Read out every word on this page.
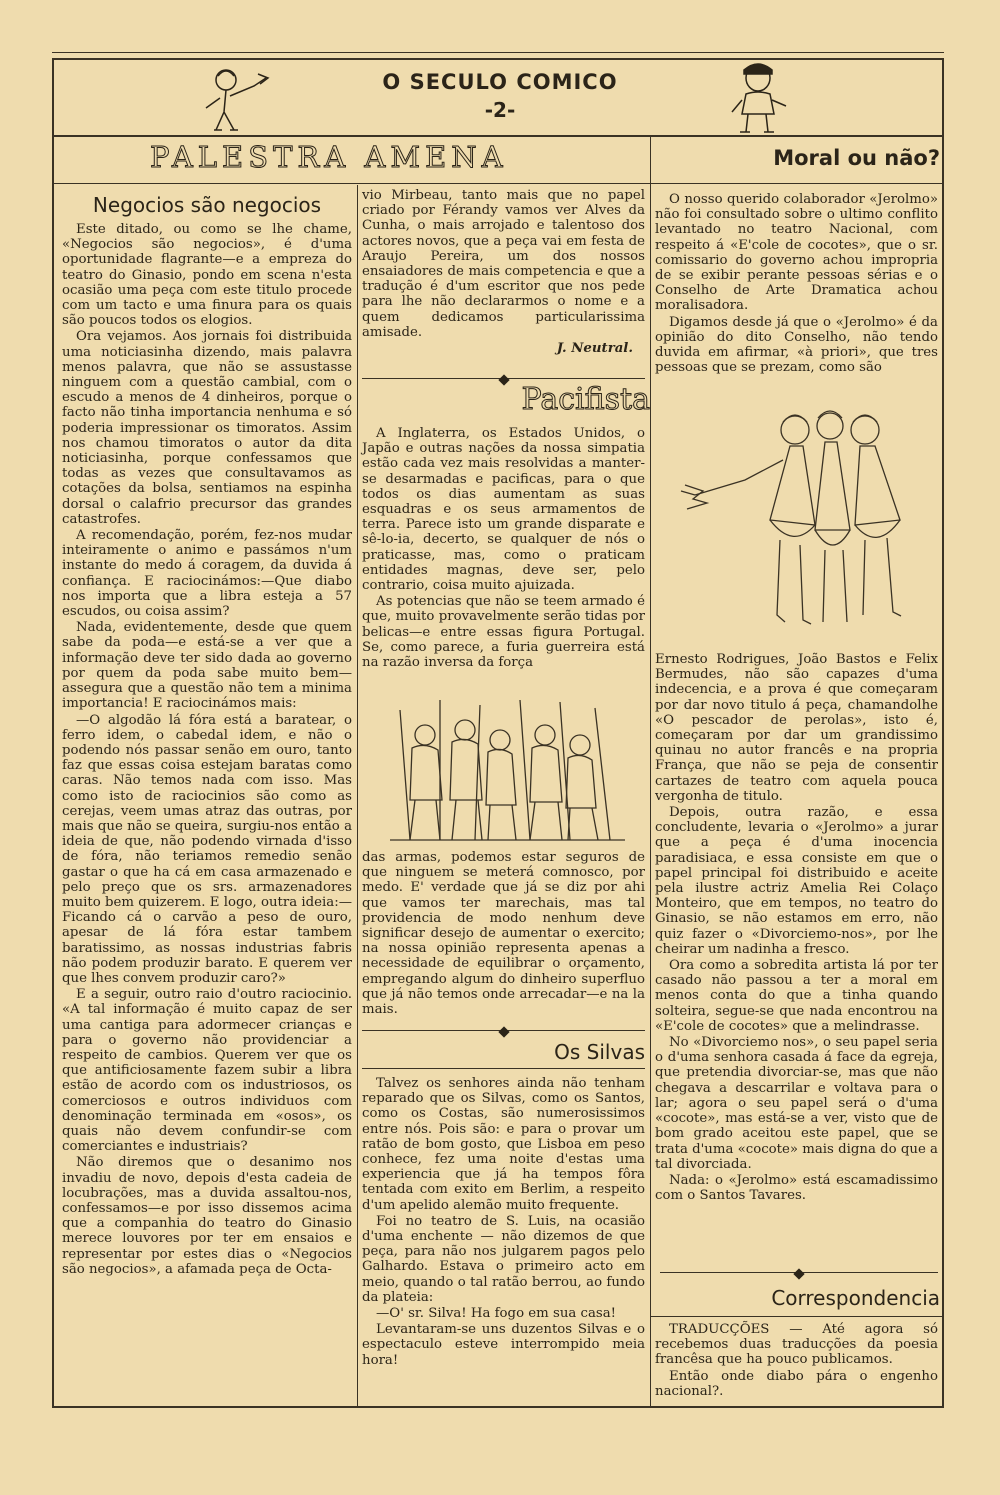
O SECULO COMICO
-2-
PALESTRA AMENA
Negocios são negocios

Este ditado, ou como se lhe chame, «Negocios são negocios», é d'uma oportunidade flagrante—e a empreza do teatro do Ginasio, pondo em scena n'esta ocasião uma peça com este titulo procede com um tacto e uma finura para os quais são poucos todos os elogios.

Ora vejamos. Aos jornais foi distribuida uma noticiasinha dizendo, mais palavra menos palavra, que não se assustasse ninguem com a questão cambial, com o escudo a menos de 4 dinheiros, porque o facto não tinha importancia nenhuma e só poderia impressionar os timoratos. Assim nos chamou timoratos o autor da dita noticiasinha, porque confessamos que todas as vezes que consultavamos as cotações da bolsa, sentiamos na espinha dorsal o calafrio precursor das grandes catastrofes.

A recomendação, porém, fez-nos mudar inteiramente o animo e passámos n'um instante do medo á coragem, da duvida á confiança. E raciocinámos:—Que diabo nos importa que a libra esteja a 57 escudos, ou coisa assim?

Nada, evidentemente, desde que quem sabe da poda—e está-se a ver que a informação deve ter sido dada ao governo por quem da poda sabe muito bem—assegura que a questão não tem a minima importancia! E raciocinámos mais:

—O algodão lá fóra está a baratear, o ferro idem, o cabedal idem, e não o podendo nós passar senão em ouro, tanto faz que essas coisa estejam baratas como caras. Não temos nada com isso. Mas como isto de raciocinios são como as cerejas, veem umas atraz das outras, por mais que não se queira, surgiu-nos então a ideia de que, não podendo virnada d'isso de fóra, não teriamos remedio senão gastar o que ha cá em casa armazenado e pelo preço que os srs. armazenadores muito bem quizerem. E logo, outra ideia:—Ficando cá o carvão a peso de ouro, apesar de lá fóra estar tambem baratissimo, as nossas industrias fabris não podem produzir barato. E querem ver que lhes convem produzir caro?»

E a seguir, outro raio d'outro raciocinio. «A tal informação é muito capaz de ser uma cantiga para adormecer crianças e para o governo não providenciar a respeito de cambios. Querem ver que os que antificiosamente fazem subir a libra estão de acordo com os industriosos, os comerciosos e outros individuos com denominação terminada em «osos», os quais não devem confundir-se com comerciantes e industriais?

Não diremos que o desanimo nos invadiu de novo, depois d'esta cadeia de locubrações, mas a duvida assaltou-nos, confessamos—e por isso dissemos acima que a companhia do teatro do Ginasio merece louvores por ter em ensaios e representar por estes dias o «Negocios são negocios», a afamada peça de Octa-

vio Mirbeau, tanto mais que no papel criado por Férandy vamos ver Alves da Cunha, o mais arrojado e talentoso dos actores novos, que a peça vai em festa de Araujo Pereira, um dos nossos ensaiadores de mais competencia e que a tradução é d'um escritor que nos pede para lhe não declararmos o nome e a quem dedicamos particularissima amisade.

J. Neutral.

Pacifista

A Inglaterra, os Estados Unidos, o Japão e outras nações da nossa simpatia estão cada vez mais resolvidas a manter-se desarmadas e pacificas, para o que todos os dias aumentam as suas esquadras e os seus armamentos de terra. Parece isto um grande disparate e sê-lo-ia, decerto, se qualquer de nós o praticasse, mas, como o praticam entidades magnas, deve ser, pelo contrario, coisa muito ajuizada.

As potencias que não se teem armado é que, muito provavelmente serão tidas por belicas—e entre essas figura Portugal. Se, como parece, a furia guerreira está na razão inversa da força

das armas, podemos estar seguros de que ninguem se meterá comnosco, por medo. E' verdade que já se diz por ahi que vamos ter marechais, mas tal providencia de modo nenhum deve significar desejo de aumentar o exercito; na nossa opinião representa apenas a necessidade de equilibrar o orçamento, empregando algum do dinheiro superfluo que já não temos onde arrecadar—e na la mais.

Os Silvas

Talvez os senhores ainda não tenham reparado que os Silvas, como os Santos, como os Costas, são numerosissimos entre nós. Pois são: e para o provar um ratão de bom gosto, que Lisboa em peso conhece, fez uma noite d'estas uma experiencia que já ha tempos fôra tentada com exito em Berlim, a respeito d'um apelido alemão muito frequente.

Foi no teatro de S. Luis, na ocasião d'uma enchente — não dizemos de que peça, para não nos julgarem pagos pelo Galhardo. Estava o primeiro acto em meio, quando o tal ratão berrou, ao fundo da plateia:

—O' sr. Silva! Ha fogo em sua casa!

Levantaram-se uns duzentos Silvas e o espectaculo esteve interrompido meia hora!

Moral ou não?

O nosso querido colaborador «Jerolmo» não foi consultado sobre o ultimo conflito levantado no teatro Nacional, com respeito á «E'cole de cocotes», que o sr. comissario do governo achou impropria de se exibir perante pessoas sérias e o Conselho de Arte Dramatica achou moralisadora.

Digamos desde já que o «Jerolmo» é da opinião do dito Conselho, não tendo duvida em afirmar, «à priori», que tres pessoas que se prezam, como são

Ernesto Rodrigues, João Bastos e Felix Bermudes, não são capazes d'uma indecencia, e a prova é que começaram por dar novo titulo á peça, chamandolhe «O pescador de perolas», isto é, começaram por dar um grandissimo quinau no autor francês e na propria França, que não se peja de consentir cartazes de teatro com aquela pouca vergonha de titulo.

Depois, outra razão, e essa concludente, levaria o «Jerolmo» a jurar que a peça é d'uma inocencia paradisiaca, e essa consiste em que o papel principal foi distribuido e aceite pela ilustre actriz Amelia Rei Colaço Monteiro, que em tempos, no teatro do Ginasio, se não estamos em erro, não quiz fazer o «Divorciemo-nos», por lhe cheirar um nadinha a fresco.

Ora como a sobredita artista lá por ter casado não passou a ter a moral em menos conta do que a tinha quando solteira, segue-se que nada encontrou na «E'cole de cocotes» que a melindrasse.

No «Divorciemo nos», o seu papel seria o d'uma senhora casada á face da egreja, que pretendia divorciar-se, mas que não chegava a descarrilar e voltava para o lar; agora o seu papel será o d'uma «cocote», mas está-se a ver, visto que de bom grado aceitou este papel, que se trata d'uma «cocote» mais digna do que a tal divorciada.

Nada: o «Jerolmo» está escamadissimo com o Santos Tavares.

Correspondencia

TRADUCÇÕES — Até agora só recebemos duas traducções da poesia francêsa que ha pouco publicamos.

Então onde diabo pára o engenho nacional?.
